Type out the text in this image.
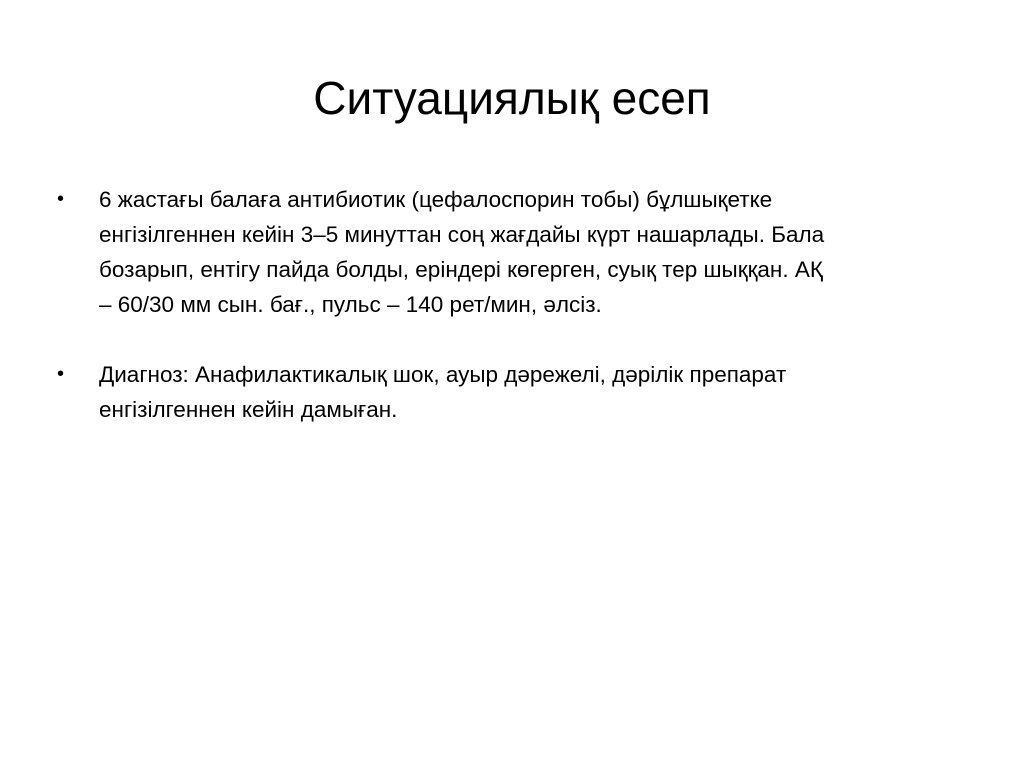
Ситуациялық есеп
•	6 жастағы балаға антибиотик (цефалоспорин тобы) бұлшықетке
енгізілгеннен кейін 3–5 минуттан соң жағдайы күрт нашарлады. Бала
бозарып, ентігу пайда болды, еріндері көгерген, суық тер шыққан. АҚ
– 60/30 мм сын. бағ., пульс – 140 рет/мин, әлсіз.
•	Диагноз: Анафилактикалық шок, ауыр дәрежелі, дәрілік препарат
енгізілгеннен кейін дамыған.
